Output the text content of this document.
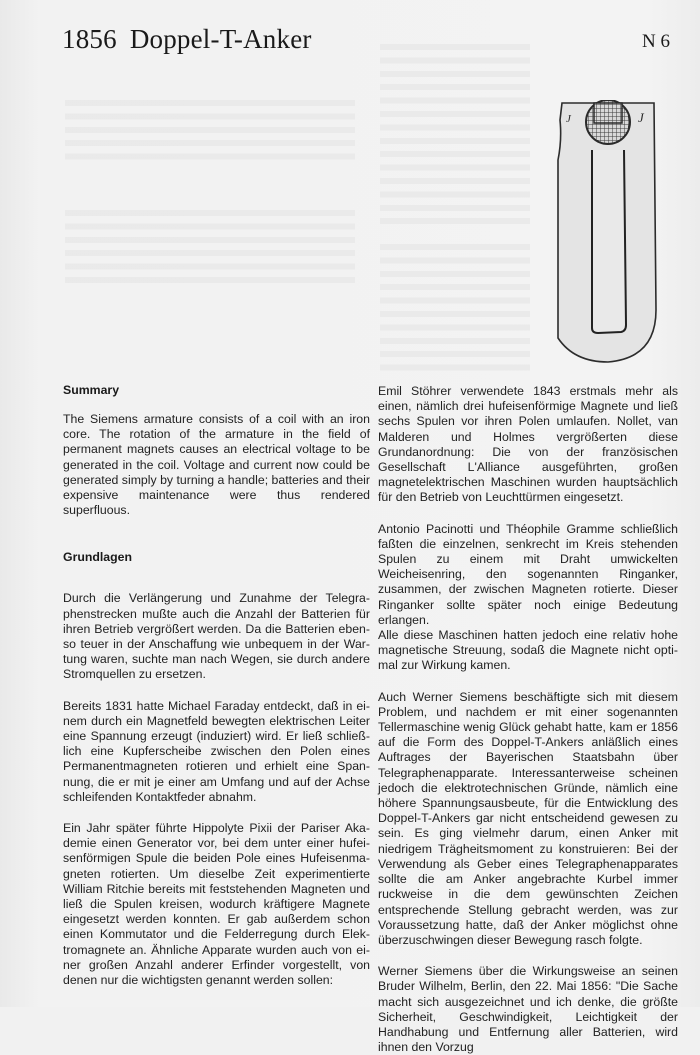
1856 Doppel-T-Anker	N 6
J	J
Summary

The Siemens armature consists of a coil with an iron core. The rotation of the armature in the field of permanent magnets causes an electrical voltage to be generated in the coil. Voltage and current now could be generated simply by turning a handle; batteries and their expensive maintenance were thus rendered superfluous.

Grundlagen

Durch die Verlängerung und Zunahme der Telegraphenstrecken mußte auch die Anzahl der Batterien für ihren Betrieb vergrößert werden. Da die Batterien ebenso teuer in der Anschaffung wie unbequem in der Wartung waren, suchte man nach Wegen, sie durch andere Stromquellen zu ersetzen.

Bereits 1831 hatte Michael Faraday entdeckt, daß in einem durch ein Magnetfeld bewegten elektrischen Leiter eine Spannung erzeugt (induziert) wird. Er ließ schließlich eine Kupferscheibe zwischen den Polen eines Permanentmagneten rotieren und erhielt eine Spannung, die er mit je einer am Umfang und auf der Achse schleifenden Kontaktfeder abnahm.

Ein Jahr später führte Hippolyte Pixii der Pariser Akademie einen Generator vor, bei dem unter einer hufeisenförmigen Spule die beiden Pole eines Hufeisenmagneten rotierten. Um dieselbe Zeit experimentierte William Ritchie bereits mit feststehenden Magneten und ließ die Spulen kreisen, wodurch kräftigere Magnete eingesetzt werden konnten. Er gab außerdem schon einen Kommutator und die Felderregung durch Elektromagnete an. Ähnliche Apparate wurden auch von einer großen Anzahl anderer Erfinder vorgestellt, von denen nur die wichtigsten genannt werden sollen:

Emil Stöhrer verwendete 1843 erstmals mehr als einen, nämlich drei hufeisenförmige Magnete und ließ sechs Spulen vor ihren Polen umlaufen. Nollet, van Malderen und Holmes vergrößerten diese Grundanordnung: Die von der französischen Gesellschaft L'Alliance ausgeführten, großen magnetelektrischen Maschinen wurden hauptsächlich für den Betrieb von Leuchttürmen eingesetzt.

Antonio Pacinotti und Théophile Gramme schließlich faßten die einzelnen, senkrecht im Kreis stehenden Spulen zu einem mit Draht umwickelten Weicheisenring, den sogenannten Ringanker, zusammen, der zwischen Magneten rotierte. Dieser Ringanker sollte später noch einige Bedeutung erlangen.

Alle diese Maschinen hatten jedoch eine relativ hohe magnetische Streuung, sodaß die Magnete nicht optimal zur Wirkung kamen.

Auch Werner Siemens beschäftigte sich mit diesem Problem, und nachdem er mit einer sogenannten Tellermaschine wenig Glück gehabt hatte, kam er 1856 auf die Form des Doppel-T-Ankers anläßlich eines Auftrages der Bayerischen Staatsbahn über Telegraphenapparate. Interessanterweise scheinen jedoch die elektrotechnischen Gründe, nämlich eine höhere Spannungsausbeute, für die Entwicklung des Doppel-T-Ankers gar nicht entscheidend gewesen zu sein. Es ging vielmehr darum, einen Anker mit niedrigem Trägheitsmoment zu konstruieren: Bei der Verwendung als Geber eines Telegraphenapparates sollte die am Anker angebrachte Kurbel immer ruckweise in die dem gewünschten Zeichen entsprechende Stellung gebracht werden, was zur Voraussetzung hatte, daß der Anker möglichst ohne überzuschwingen dieser Bewegung rasch folgte.

Werner Siemens über die Wirkungsweise an seinen Bruder Wilhelm, Berlin, den 22. Mai 1856: "Die Sache macht sich ausgezeichnet und ich denke, die größte Sicherheit, Geschwindigkeit, Leichtigkeit der Handhabung und Entfernung aller Batterien, wird ihnen den Vorzug
